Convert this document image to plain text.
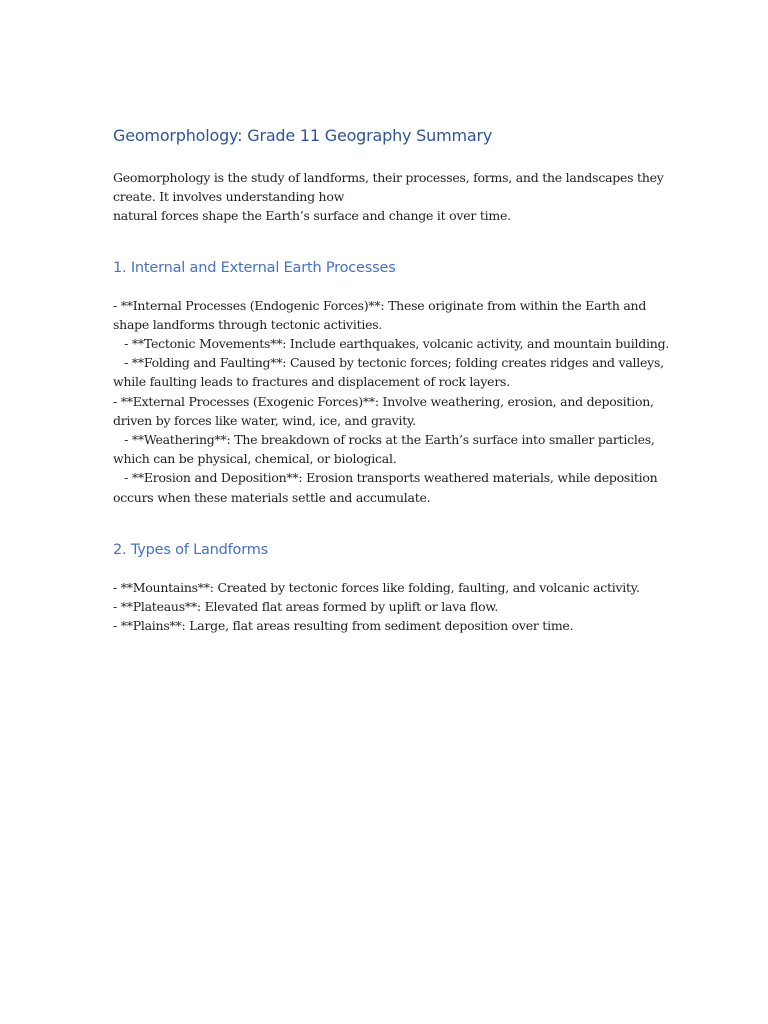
Geomorphology: Grade 11 Geography Summary
Geomorphology is the study of landforms, their processes, forms, and the landscapes they
create. It involves understanding how
natural forces shape the Earth’s surface and change it over time.
1. Internal and External Earth Processes
- **Internal Processes (Endogenic Forces)**: These originate from within the Earth and
shape landforms through tectonic activities.
- **Tectonic Movements**: Include earthquakes, volcanic activity, and mountain building.
- **Folding and Faulting**: Caused by tectonic forces; folding creates ridges and valleys,
while faulting leads to fractures and displacement of rock layers.
- **External Processes (Exogenic Forces)**: Involve weathering, erosion, and deposition,
driven by forces like water, wind, ice, and gravity.
- **Weathering**: The breakdown of rocks at the Earth’s surface into smaller particles,
which can be physical, chemical, or biological.
- **Erosion and Deposition**: Erosion transports weathered materials, while deposition
occurs when these materials settle and accumulate.
2. Types of Landforms
- **Mountains**: Created by tectonic forces like folding, faulting, and volcanic activity.
- **Plateaus**: Elevated flat areas formed by uplift or lava flow.
- **Plains**: Large, flat areas resulting from sediment deposition over time.
